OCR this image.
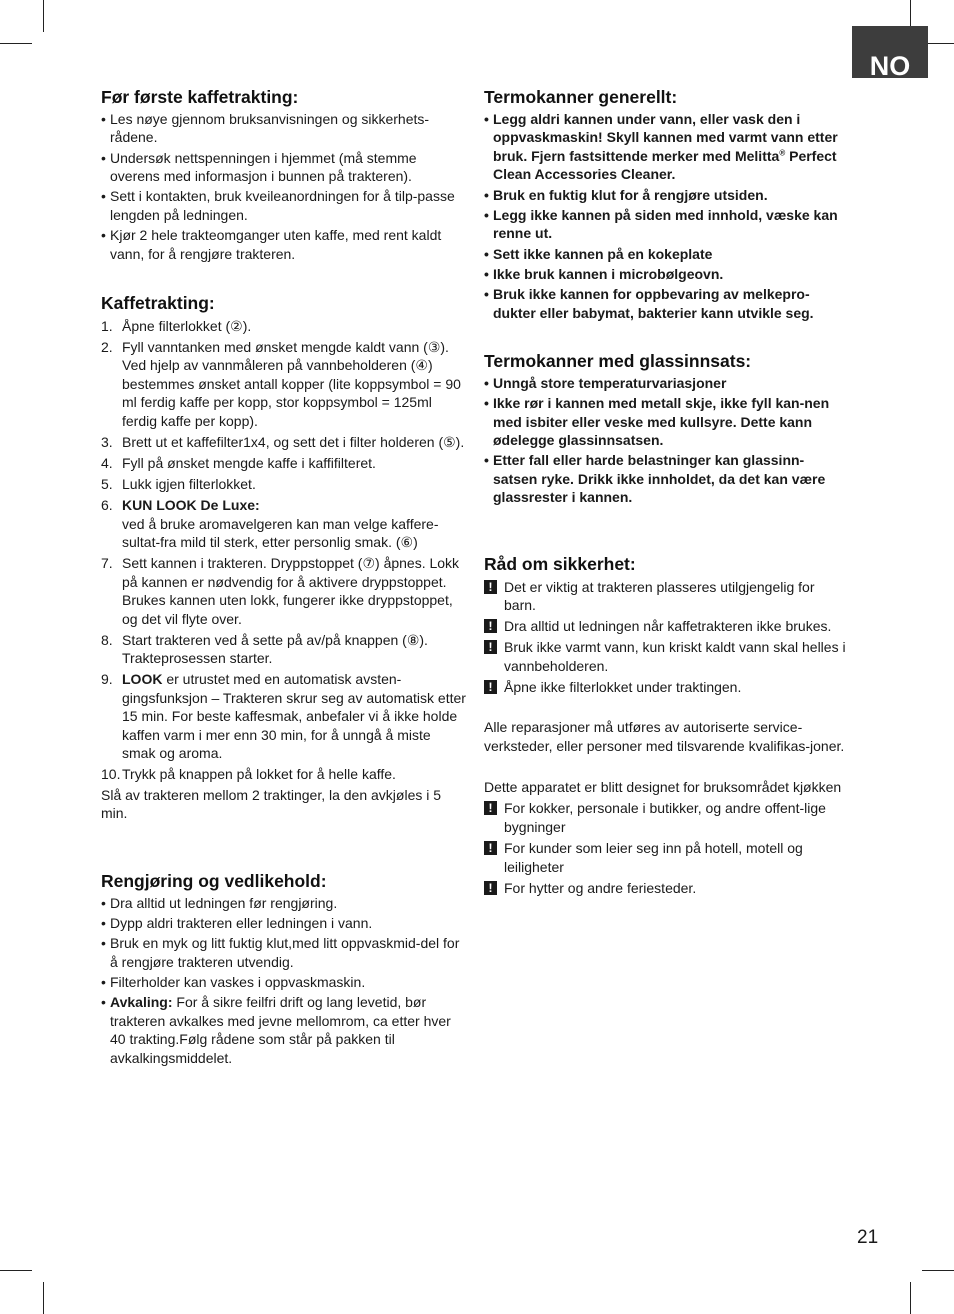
NO
21
Før første kaffetrakting:
• Les nøye gjennom bruksanvisningen og sikkerhets-rådene.
• Undersøk nettspenningen i hjemmet (må stemme overens med informasjon i bunnen på trakteren).
• Sett i kontakten, bruk kveileanordningen for å tilp-passe lengden på ledningen.
• Kjør 2 hele trakteomganger uten kaffe, med rent kaldt vann, for å rengjøre trakteren.
Kaffetrakting:
1. Åpne filterlokket (②).
2. Fyll vanntanken med ønsket mengde kaldt vann (③). Ved hjelp av vannmåleren på vannbeholderen (④) bestemmes ønsket antall kopper (lite koppsymbol = 90 ml ferdig kaffe per kopp, stor koppsymbol = 125ml ferdig kaffe per kopp).
3. Brett ut et kaffefilter1x4, og sett det i filter holderen (⑤).
4. Fyll på ønsket mengde kaffe i kaffifilteret.
5. Lukk igjen filterlokket.
6. KUN LOOK De Luxe:
ved å bruke aromavelgeren kan man velge kaffere-sultat-fra mild til sterk, etter personlig smak. (⑥)
7. Sett kannen i trakteren. Dryppstoppet (⑦) åpnes. Lokk på kannen er nødvendig for å aktivere dryppstoppet. Brukes kannen uten lokk, fungerer ikke dryppstoppet, og det vil flyte over.
8. Start trakteren ved å sette på av/på knappen (⑧). Trakteprosessen starter.
9. LOOK er utrustet med en automatisk avsten-gingsfunksjon – Trakteren skrur seg av automatisk etter 15 min. For beste kaffesmak, anbefaler vi å ikke holde kaffen varm i mer enn 30 min, for å unngå å miste smak og aroma.
10. Trykk på knappen på lokket for å helle kaffe.

Slå av trakteren mellom 2 traktinger, la den avkjøles i 5 min.

Rengjøring og vedlikehold:
• Dra alltid ut ledningen før rengjøring.
• Dypp aldri trakteren eller ledningen i vann.
• Bruk en myk og litt fuktig klut,med litt oppvaskmid-del for å rengjøre trakteren utvendig.
• Filterholder kan vaskes i oppvaskmaskin.
• Avkaling: For å sikre feilfri drift og lang levetid, bør trakteren avkalkes med jevne mellomrom, ca etter hver 40 trakting.Følg rådene som står på pakken til avkalkingsmiddelet.
Termokanner generellt:
• Legg aldri kannen under vann, eller vask den i oppvaskmaskin! Skyll kannen med varmt vann etter bruk. Fjern fastsittende merker med Melitta® Perfect Clean Accessories Cleaner.
• Bruk en fuktig klut for å rengjøre utsiden.
• Legg ikke kannen på siden med innhold, væske kan renne ut.
• Sett ikke kannen på en kokeplate
• Ikke bruk kannen i microbølgeovn.
• Bruk ikke kannen for oppbevaring av melkepro-dukter eller babymat, bakterier kann utvikle seg.
Termokanner med glassinnsats:
• Unngå store temperaturvariasjoner
• Ikke rør i kannen med metall skje, ikke fyll kan-nen med isbiter eller veske med kullsyre. Dette kann ødelegge glassinnsatsen.
• Etter fall eller harde belastninger kan glassinn-satsen ryke. Drikk ikke innholdet, da det kan være glassrester i kannen.
Råd om sikkerhet:
! Det er viktig at trakteren plasseres utilgjengelig for barn.
! Dra alltid ut ledningen når kaffetrakteren ikke brukes.
! Bruk ikke varmt vann, kun kriskt kaldt vann skal helles i vannbeholderen.
! Åpne ikke filterlokket under traktingen.

Alle reparasjoner må utføres av autoriserte service-verksteder, eller personer med tilsvarende kvalifikas-joner.

Dette apparatet er blitt designet for bruksområdet kjøkken

! For kokker, personale i butikker, og andre offent-lige bygninger
! For kunder som leier seg inn på hotell, motell og leiligheter
! For hytter og andre feriesteder.
